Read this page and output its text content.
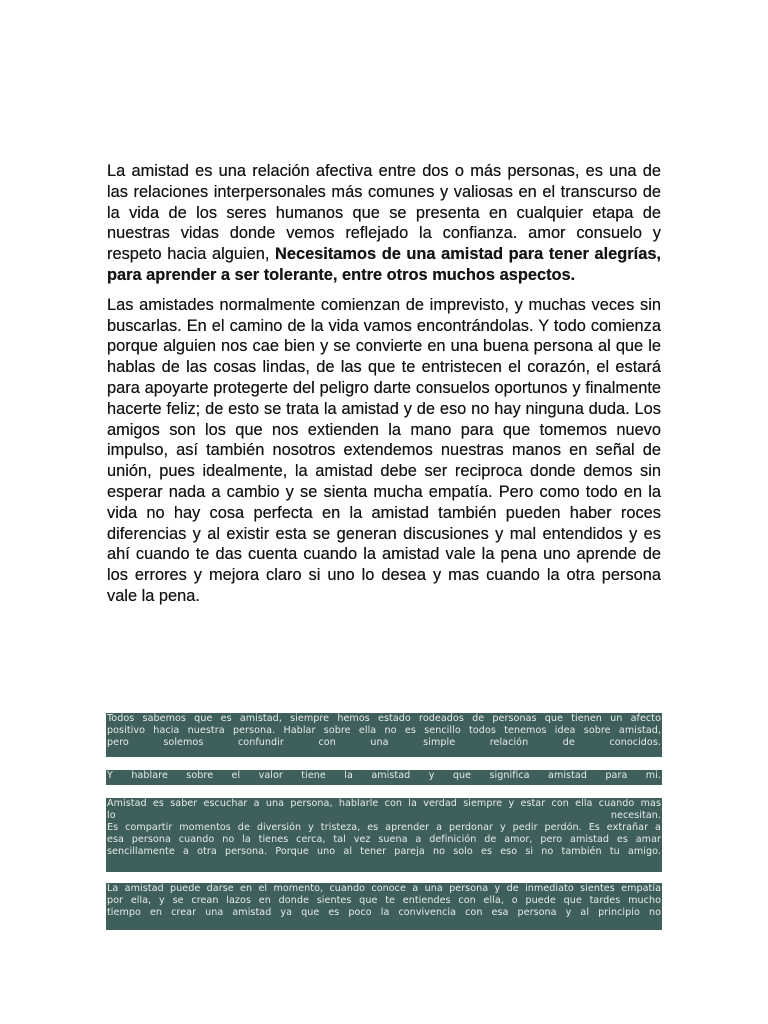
La amistad es una relación afectiva entre dos o más personas, es una de las relaciones interpersonales más comunes y valiosas en el transcurso de la vida de los seres humanos que se presenta en cualquier etapa de nuestras vidas donde vemos reflejado la confianza. amor consuelo y respeto hacia alguien, Necesitamos de una amistad para tener alegrías, para aprender a ser tolerante, entre otros muchos aspectos.

Las amistades normalmente comienzan de imprevisto, y muchas veces sin buscarlas. En el camino de la vida vamos encontrándolas. Y todo comienza porque alguien nos cae bien y se convierte en una buena persona al que le hablas de las cosas lindas, de las que te entristecen el corazón, el estará para apoyarte protegerte del peligro darte consuelos oportunos y finalmente hacerte feliz; de esto se trata la amistad y de eso no hay ninguna duda. Los amigos son los que nos extienden la mano para que tomemos nuevo impulso, así también nosotros extendemos nuestras manos en señal de unión, pues idealmente, la amistad debe ser reciproca donde demos sin esperar nada a cambio y se sienta mucha empatía. Pero como todo en la vida no hay cosa perfecta en la amistad también pueden haber roces diferencias y al existir esta se generan discusiones y mal entendidos y es ahí cuando te das cuenta cuando la amistad vale la pena uno aprende de los errores y mejora claro si uno lo desea y mas cuando la otra persona vale la pena.

Todos sabemos que es amistad, siempre hemos estado rodeados de personas que tienen un afecto
positivo hacia nuestra persona. Hablar sobre ella no es sencillo todos tenemos idea sobre amistad,
pero solemos confundir con una simple relación de conocidos.
Y hablare sobre el valor tiene la amistad y que significa amistad para mi.
Amistad es saber escuchar a una persona, hablarle con la verdad siempre y estar con ella cuando mas
lo	necesitan.
Es compartir momentos de diversión y tristeza, es aprender a perdonar y pedir perdón. Es extrañar a
esa persona cuando no la tienes cerca, tal vez suena a definición de amor, pero amistad es amar
sencillamente a otra persona. Porque uno al tener pareja no solo es eso si no también tu amigo.
La amistad puede darse en el momento, cuando conoce a una persona y de inmediato sientes empatía
por ella, y se crean lazos en donde sientes que te entiendes con ella, o puede que tardes mucho
tiempo en crear una amistad ya que es poco la convivencia con esa persona y al principio no
